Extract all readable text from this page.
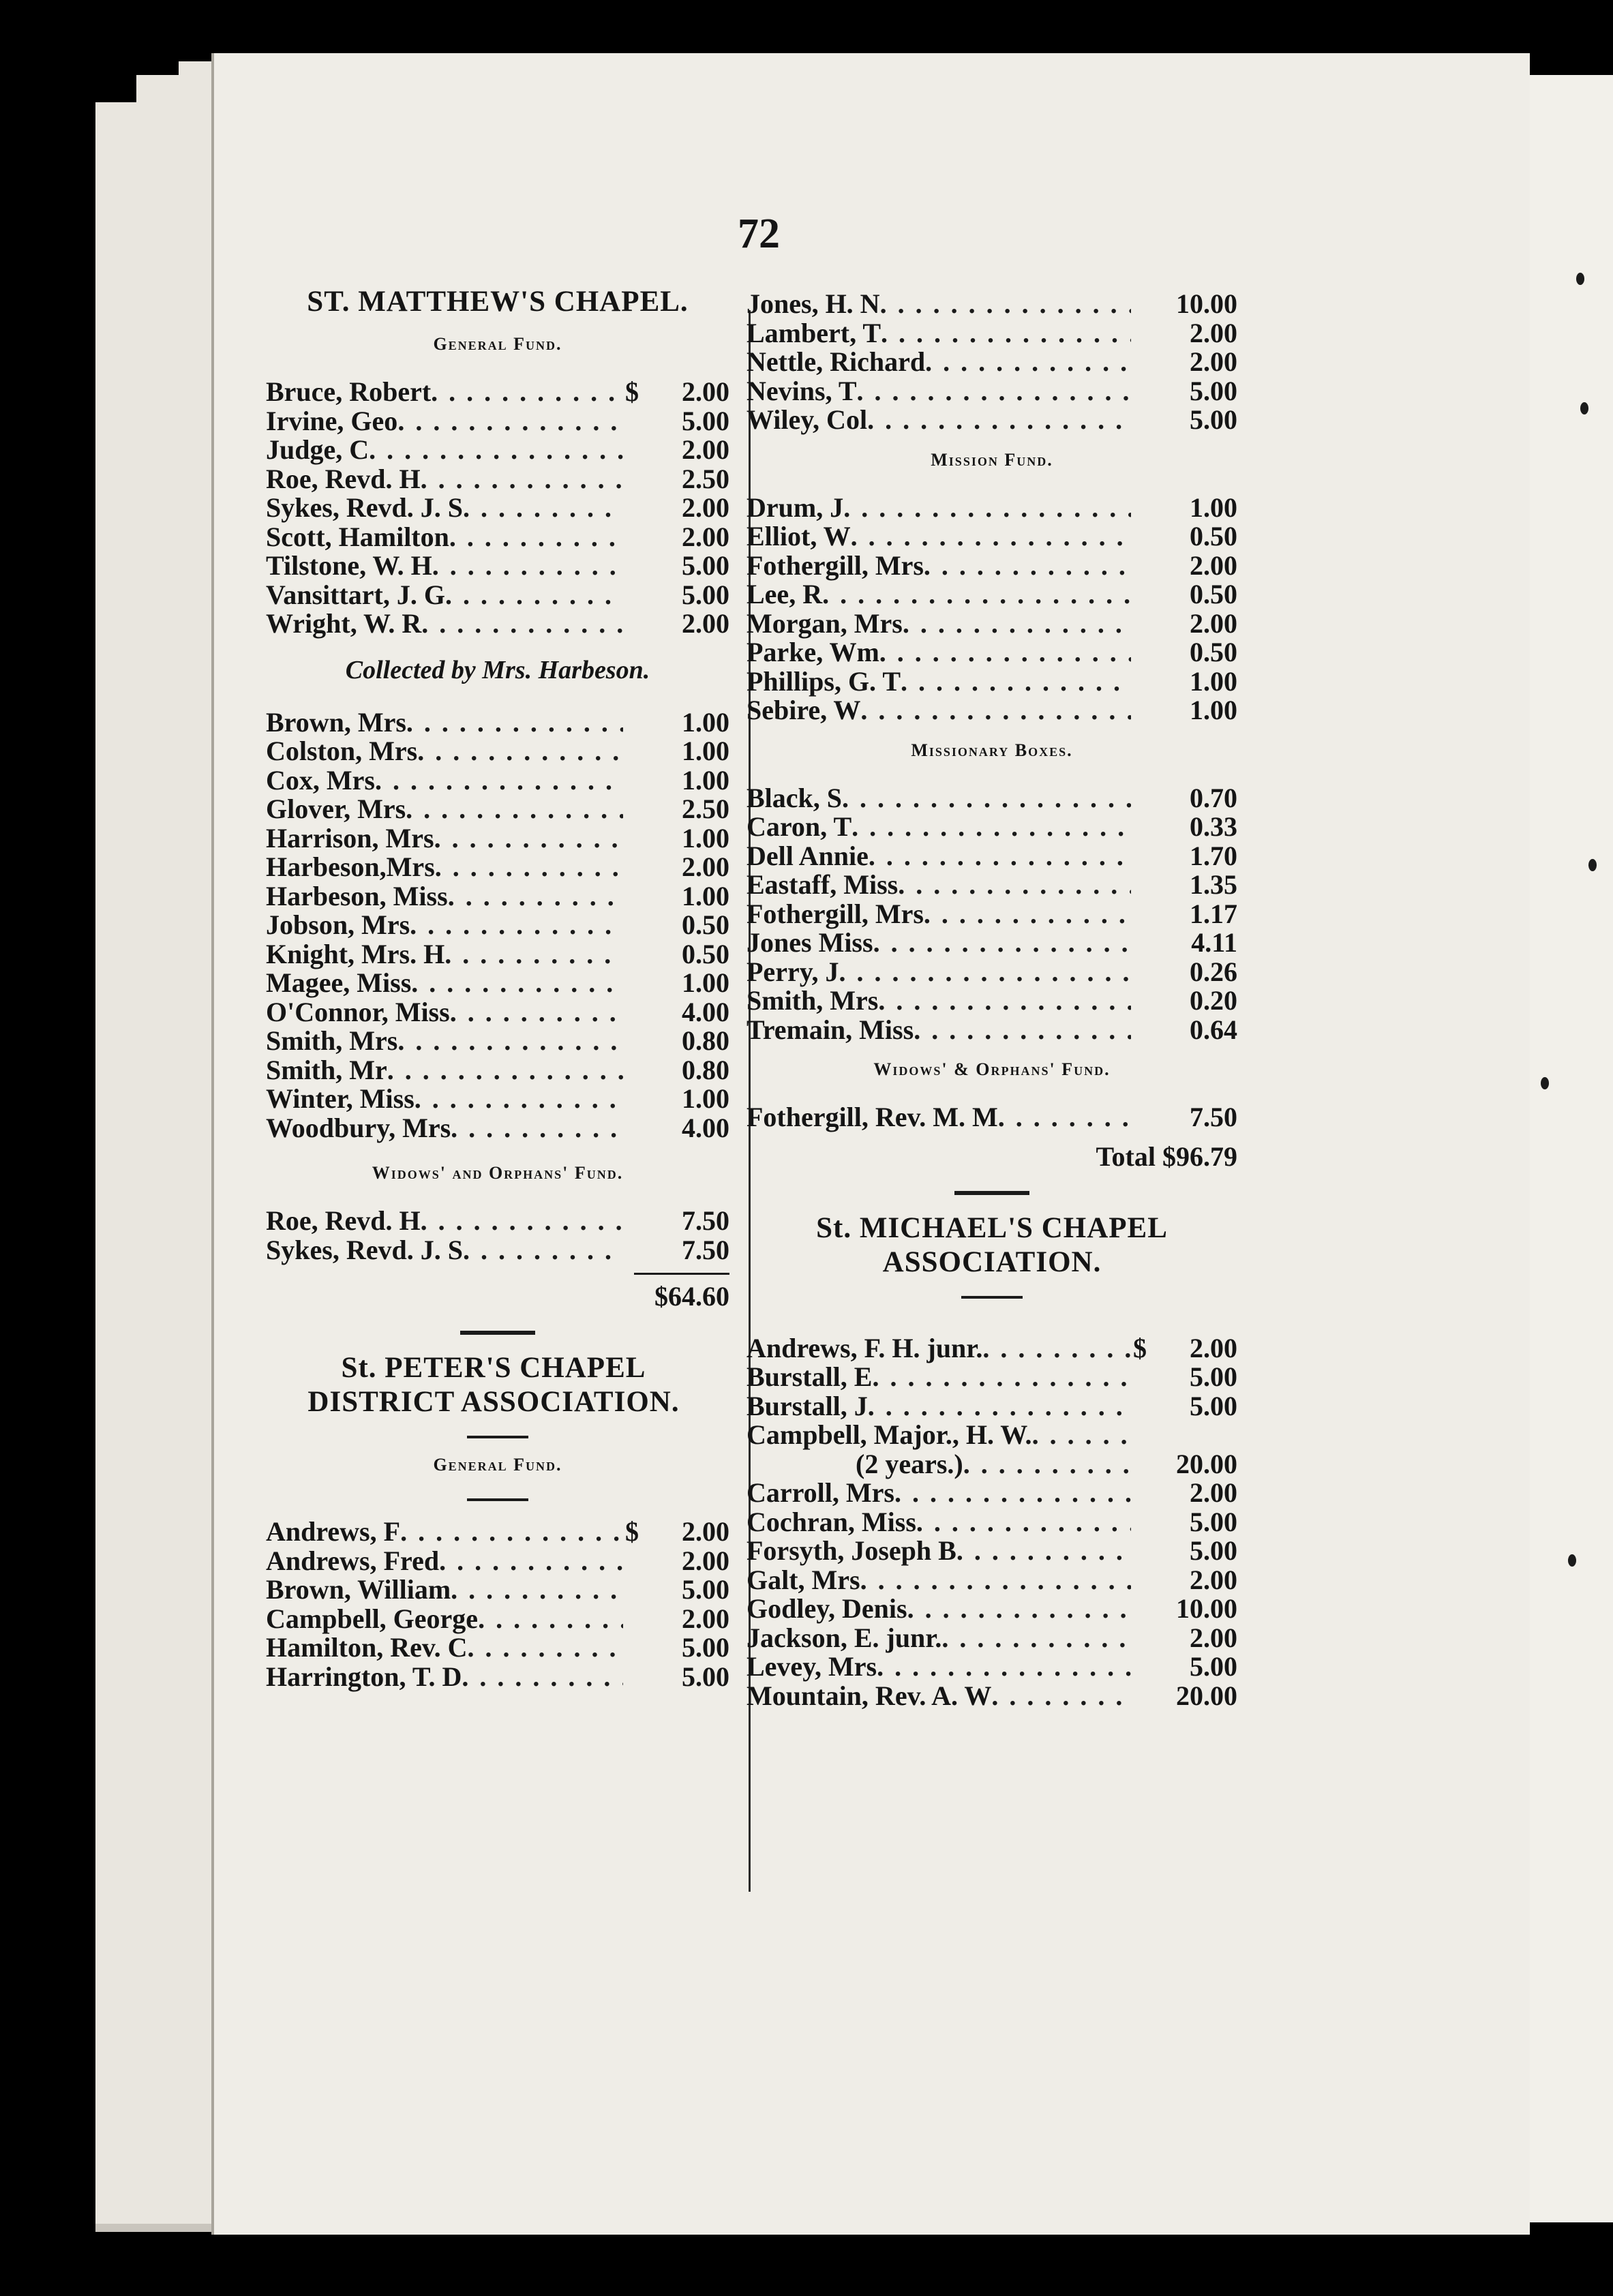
72
ST. MATTHEW'S CHAPEL.
General Fund.
Bruce, Robert . . .	$	2.00
Irvine, Geo . . .	5.00
Judge, C . . .	2.00
Roe, Revd. H . . .	2.50
Sykes, Revd. J. S . . .	2.00
Scott, Hamilton . . .	2.00
Tilstone, W. H . . .	5.00
Vansittart, J. G . . .	5.00
Wright, W. R . . .	2.00
Collected by Mrs. Harbeson.
Brown, Mrs . . .	1.00
Colston, Mrs . . .	1.00
Cox, Mrs . . .	1.00
Glover, Mrs . . .	2.50
Harrison, Mrs . . .	1.00
Harbeson,Mrs . . .	2.00
Harbeson, Miss . . .	1.00
Jobson, Mrs . . .	0.50
Knight, Mrs. H . . .	0.50
Magee, Miss . . .	1.00
O'Connor, Miss . . .	4.00
Smith, Mrs . . .	0.80
Smith, Mr . . .	0.80
Winter, Miss . . .	1.00
Woodbury, Mrs . . .	4.00
Widows' and Orphans' Fund.
Roe, Revd. H . . .	7.50
Sykes, Revd. J. S . . .	7.50
$64.60
St. PETER'S CHAPEL DISTRICT ASSOCIATION.
General Fund.
Andrews, F . . .	$	2.00
Andrews, Fred . . .	2.00
Brown, William . . .	5.00
Campbell, George . . .	2.00
Hamilton, Rev. C . . .	5.00
Harrington, T. D . . .	5.00
Jones, H. N . . .	10.00
Lambert, T . . .	2.00
Nettle, Richard . . .	2.00
Nevins, T . . .	5.00
Wiley, Col . . .	5.00
Mission Fund.
Drum, J . . .	1.00
Elliot, W . . .	0.50
Fothergill, Mrs . . .	2.00
Lee, R . . .	0.50
Morgan, Mrs . . .	2.00
Parke, Wm . . .	0.50
Phillips, G. T . . .	1.00
Sebire, W . . .	1.00
Missionary Boxes.
Black, S . . .	0.70
Caron, T . . .	0.33
Dell Annie . . .	1.70
Eastaff, Miss . . .	1.35
Fothergill, Mrs . . .	1.17
Jones Miss . . .	4.11
Perry, J . . .	0.26
Smith, Mrs . . .	0.20
Tremain, Miss . . .	0.64
Widows' & Orphans' Fund.
Fothergill, Rev. M. M . . .	7.50
Total $96.79
St. MICHAEL'S CHAPEL ASSOCIATION.
Andrews, F. H. junr. . . .	$	2.00
Burstall, E . . .	5.00
Burstall, J . . .	5.00
Campbell, Major., H. W.
. . .
(2 years.) . . .	20.00
Carroll, Mrs . . .	2.00
Cochran, Miss . . .	5.00
Forsyth, Joseph B . . .	5.00
Galt, Mrs . . .	2.00
Godley, Denis . . .	10.00
Jackson, E. junr. . . .	2.00
Levey, Mrs . . .	5.00
Mountain, Rev. A. W . . .	20.00
